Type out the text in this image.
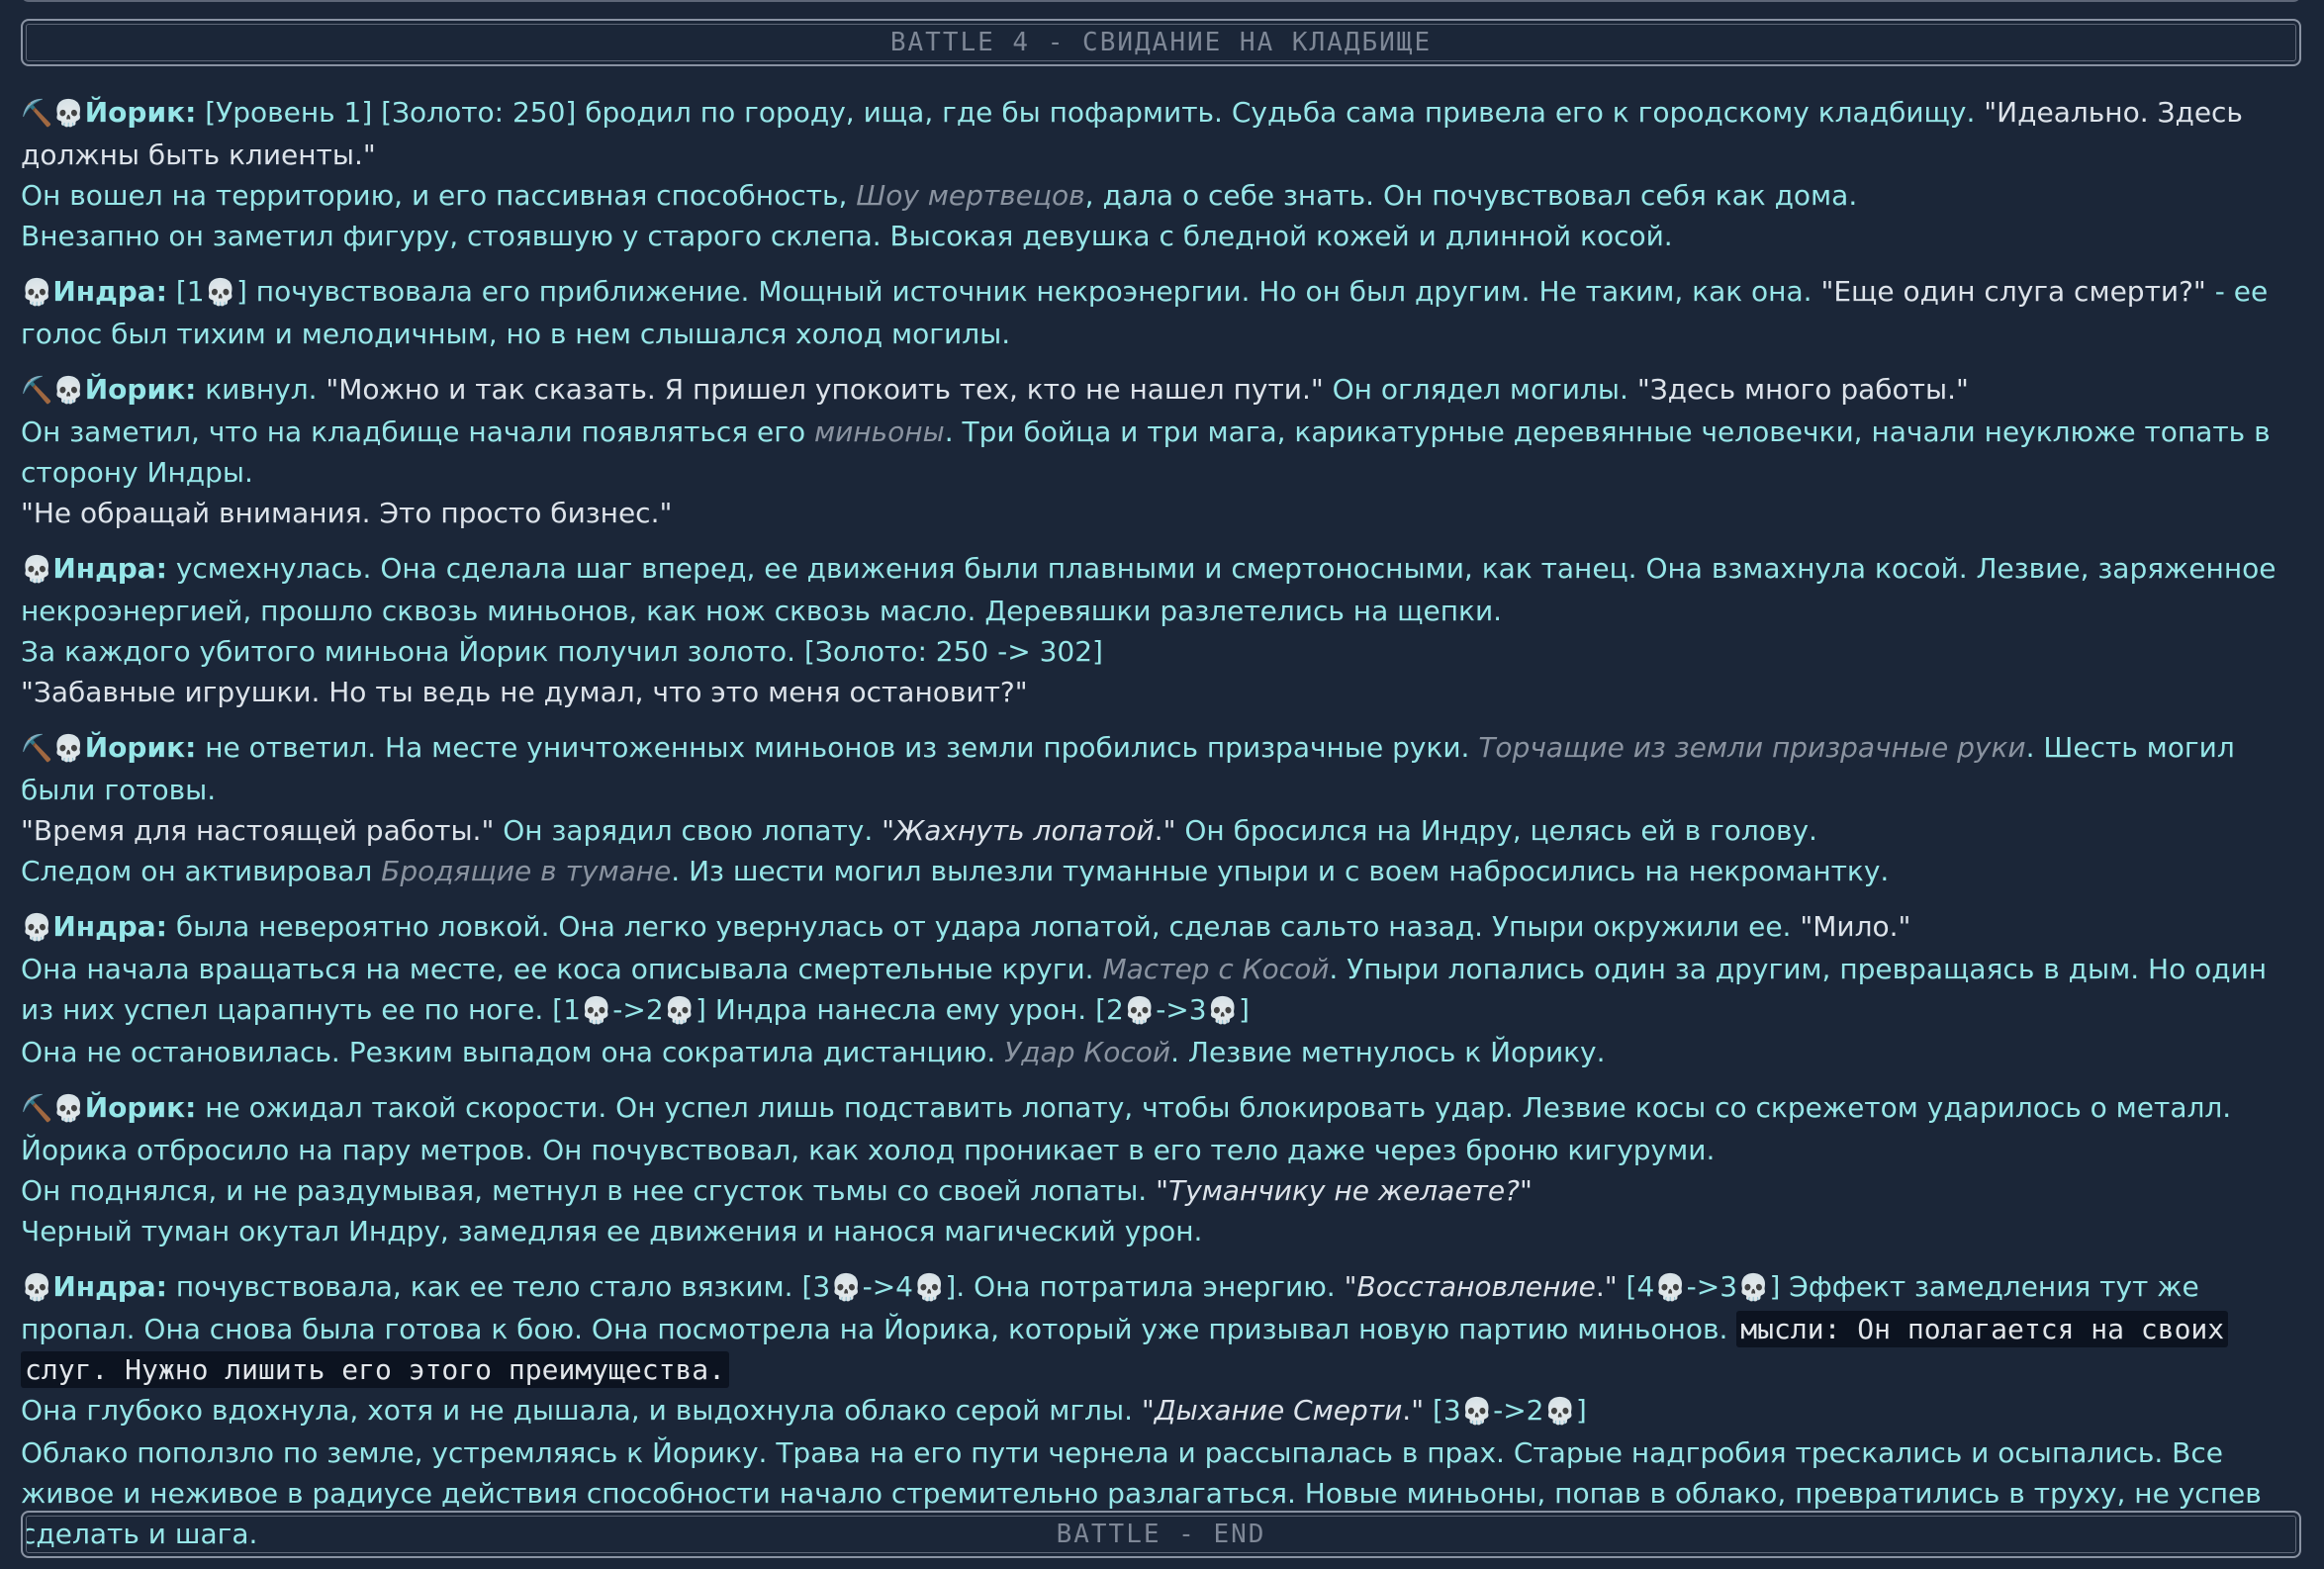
BATTLE 4 - СВИДАНИЕ НА КЛАДБИЩЕ
⛏️💀Йорик: [Уровень 1] [Золото: 250] бродил по городу, ища, где бы пофармить. Судьба сама привела его к городскому кладбищу. "Идеально. Здесь должны быть клиенты."
Он вошел на территорию, и его пассивная способность, Шоу мертвецов, дала о себе знать. Он почувствовал себя как дома.
Внезапно он заметил фигуру, стоявшую у старого склепа. Высокая девушка с бледной кожей и длинной косой.
💀Индра: [1💀] почувствовала его приближение. Мощный источник некроэнергии. Но он был другим. Не таким, как она. "Еще один слуга смерти?" - ее голос был тихим и мелодичным, но в нем слышался холод могилы.
⛏️💀Йорик: кивнул. "Можно и так сказать. Я пришел упокоить тех, кто не нашел пути." Он оглядел могилы. "Здесь много работы."
Он заметил, что на кладбище начали появляться его миньоны. Три бойца и три мага, карикатурные деревянные человечки, начали неуклюже топать в сторону Индры.
"Не обращай внимания. Это просто бизнес."
💀Индра: усмехнулась. Она сделала шаг вперед, ее движения были плавными и смертоносными, как танец. Она взмахнула косой. Лезвие, заряженное некроэнергией, прошло сквозь миньонов, как нож сквозь масло. Деревяшки разлетелись на щепки.
За каждого убитого миньона Йорик получил золото. [Золото: 250 -> 302]
"Забавные игрушки. Но ты ведь не думал, что это меня остановит?"
⛏️💀Йорик: не ответил. На месте уничтоженных миньонов из земли пробились призрачные руки. Торчащие из земли призрачные руки. Шесть могил были готовы.
"Время для настоящей работы." Он зарядил свою лопату. "Жахнуть лопатой." Он бросился на Индру, целясь ей в голову.
Следом он активировал Бродящие в тумане. Из шести могил вылезли туманные упыри и с воем набросились на некромантку.
💀Индра: была невероятно ловкой. Она легко увернулась от удара лопатой, сделав сальто назад. Упыри окружили ее. "Мило."
Она начала вращаться на месте, ее коса описывала смертельные круги. Мастер с Косой. Упыри лопались один за другим, превращаясь в дым. Но один из них успел царапнуть ее по ноге. [1💀->2💀] Индра нанесла ему урон. [2💀->3💀]
Она не остановилась. Резким выпадом она сократила дистанцию. Удар Косой. Лезвие метнулось к Йорику.
⛏️💀Йорик: не ожидал такой скорости. Он успел лишь подставить лопату, чтобы блокировать удар. Лезвие косы со скрежетом ударилось о металл. Йорика отбросило на пару метров. Он почувствовал, как холод проникает в его тело даже через броню кигуруми.
Он поднялся, и не раздумывая, метнул в нее сгусток тьмы со своей лопаты. "Туманчику не желаете?"
Черный туман окутал Индру, замедляя ее движения и нанося магический урон.
💀Индра: почувствовала, как ее тело стало вязким. [3💀->4💀]. Она потратила энергию. "Восстановление." [4💀->3💀] Эффект замедления тут же пропал. Она снова была готова к бою. Она посмотрела на Йорика, который уже призывал новую партию миньонов. мысли: Он полагается на своих слуг. Нужно лишить его этого преимущества.
Она глубоко вдохнула, хотя и не дышала, и выдохнула облако серой мглы. "Дыхание Смерти." [3💀->2💀]
Облако поползло по земле, устремляясь к Йорику. Трава на его пути чернела и рассыпалась в прах. Старые надгробия трескались и осыпались. Все живое и неживое в радиусе действия способности начало стремительно разлагаться. Новые миньоны, попав в облако, превратились в труху, не успев сделать и шага.	BATTLE - END
